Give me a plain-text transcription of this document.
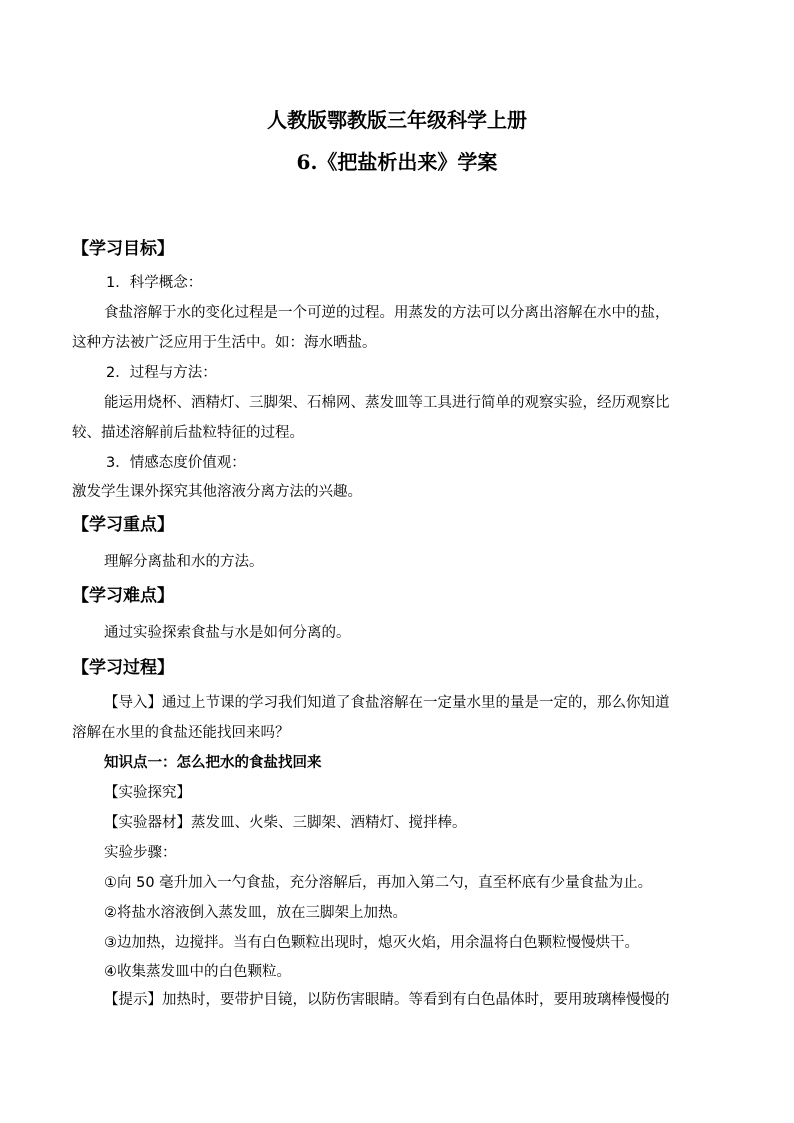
人教版鄂教版三年级科学上册
6.《把盐析出来》学案
【学习目标】
1．科学概念：
食盐溶解于水的变化过程是一个可逆的过程。用蒸发的方法可以分离出溶解在水中的盐，
这种方法被广泛应用于生活中。如：海水晒盐。
2．过程与方法：
能运用烧杯、酒精灯、三脚架、石棉网、蒸发皿等工具进行简单的观察实验，经历观察比
较、描述溶解前后盐粒特征的过程。
3．情感态度价值观：
激发学生课外探究其他溶液分离方法的兴趣。
【学习重点】
理解分离盐和水的方法。
【学习难点】
通过实验探索食盐与水是如何分离的。
【学习过程】
【导入】通过上节课的学习我们知道了食盐溶解在一定量水里的量是一定的，那么你知道
溶解在水里的食盐还能找回来吗？
知识点一：怎么把水的食盐找回来
【实验探究】
【实验器材】蒸发皿、火柴、三脚架、酒精灯、搅拌棒。
实验步骤：
①向 50 毫升加入一勺食盐，充分溶解后，再加入第二勺，直至杯底有少量食盐为止。
②将盐水溶液倒入蒸发皿，放在三脚架上加热。
③边加热，边搅拌。当有白色颗粒出现时，熄灭火焰，用余温将白色颗粒慢慢烘干。
④收集蒸发皿中的白色颗粒。
【提示】加热时，要带护目镜，以防伤害眼睛。等看到有白色晶体时，要用玻璃棒慢慢的
